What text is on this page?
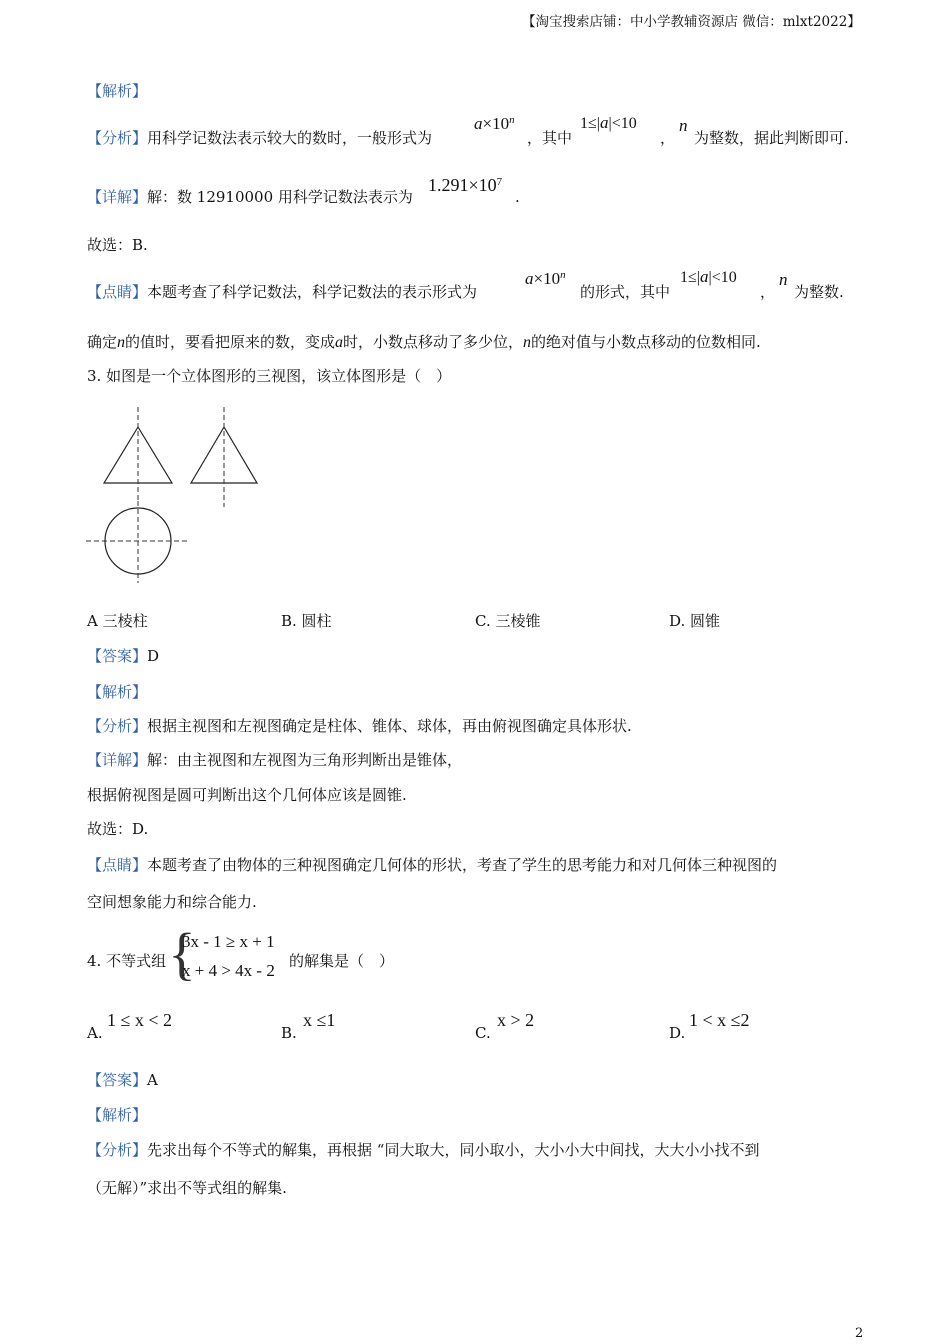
【淘宝搜索店铺：中小学教辅资源店 微信：mlxt2022】
【解析】
【分析】用科学记数法表示较大的数时，一般形式为
$a\times 10^n$
，其中
1≤|a|<10
，
n
为整数，据此判断即可.
【详解】解：数 12910000 用科学记数法表示为
$1.291\times 10^7$
.
故选：B.
【点睛】本题考查了科学记数法，科学记数法的表示形式为
$a\times 10^n$
的形式，其中
1≤|a|<10
，
n
为整数.
确定n的值时，要看把原来的数，变成a时，小数点移动了多少位，n的绝对值与小数点移动的位数相同.
3. 如图是一个立体图形的三视图，该立体图形是（　）
A 三棱柱	B. 圆柱	C. 三棱锥	D. 圆锥
【答案】D
【解析】
【分析】根据主视图和左视图确定是柱体、锥体、球体，再由俯视图确定具体形状.
【详解】解：由主视图和左视图为三角形判断出是锥体，
根据俯视图是圆可判断出这个几何体应该是圆锥.
故选：D.
【点睛】本题考查了由物体的三种视图确定几何体的形状，考查了学生的思考能力和对几何体三种视图的
空间想象能力和综合能力.
4. 不等式组 {
3x - 1 ≥ x + 1
x + 4 > 4x - 2 的解集是（　）
A.
1 ≤ x < 2
B.
x ≤1
C.
x > 2
D.
1 < x ≤2
【答案】A
【解析】
【分析】先求出每个不等式的解集，再根据 “同大取大，同小取小，大小小大中间找，大大小小找不到
（无解）”求出不等式组的解集.
2
